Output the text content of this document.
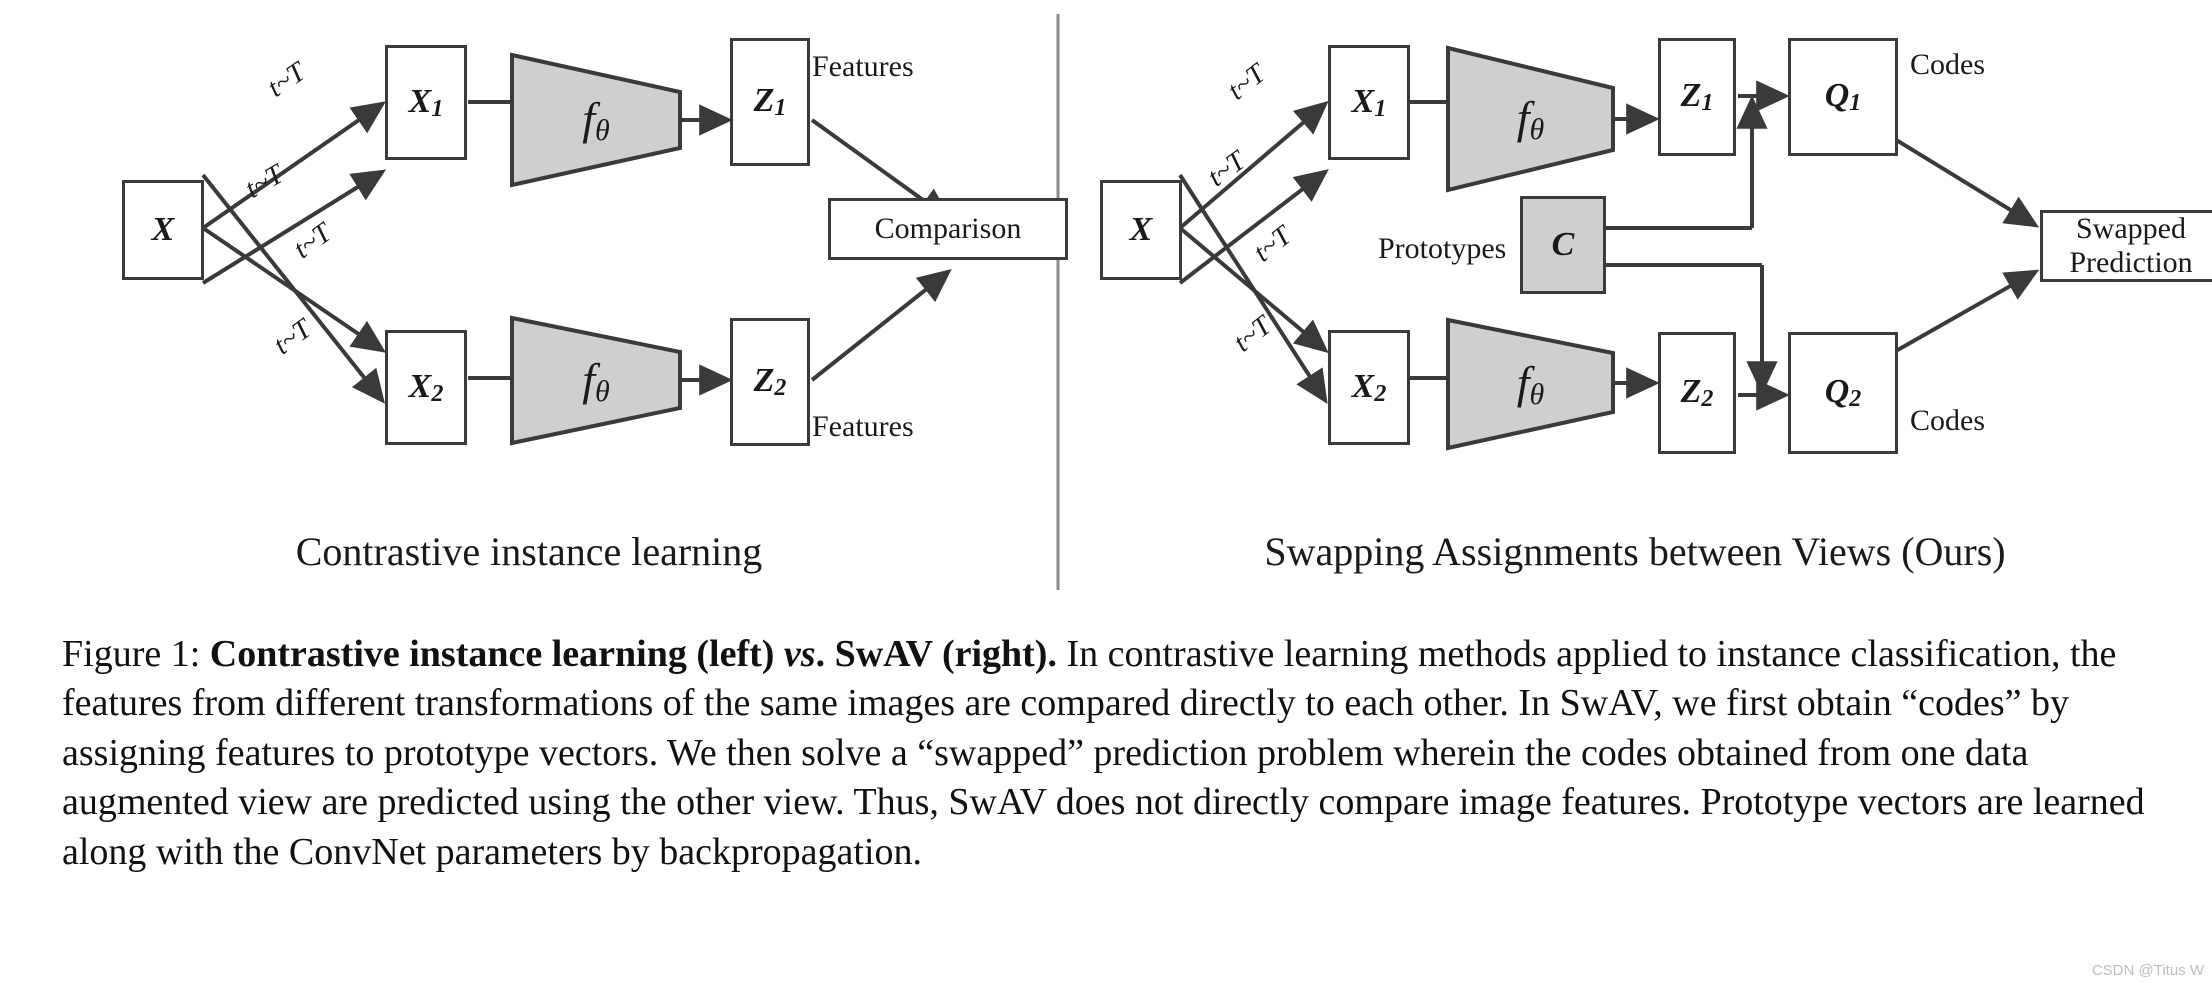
X
X1
X2
$f_\theta$
$f_\theta$
Z1
Z2
Comparison
Features
Features
t~T
t~T
t~T
t~T
Contrastive instance learning
X
X1
X2
$f_\theta$
$f_\theta$
Z1
Z2
Q1
Q2
C	Swapped
Prediction
Codes
Codes
Prototypes
t~T
t~T
t~T
t~T
Swapping Assignments between Views (Ours)
Figure 1: Contrastive instance learning (left) vs. SwAV (right). In contrastive learning methods applied to instance classification, the features from different transformations of the same images are compared directly to each other. In SwAV, we first obtain “codes” by assigning features to prototype vectors. We then solve a “swapped” prediction problem wherein the codes obtained from one data augmented view are predicted using the other view. Thus, SwAV does not directly compare image features. Prototype vectors are learned along with the ConvNet parameters by backpropagation.
CSDN @Titus W
